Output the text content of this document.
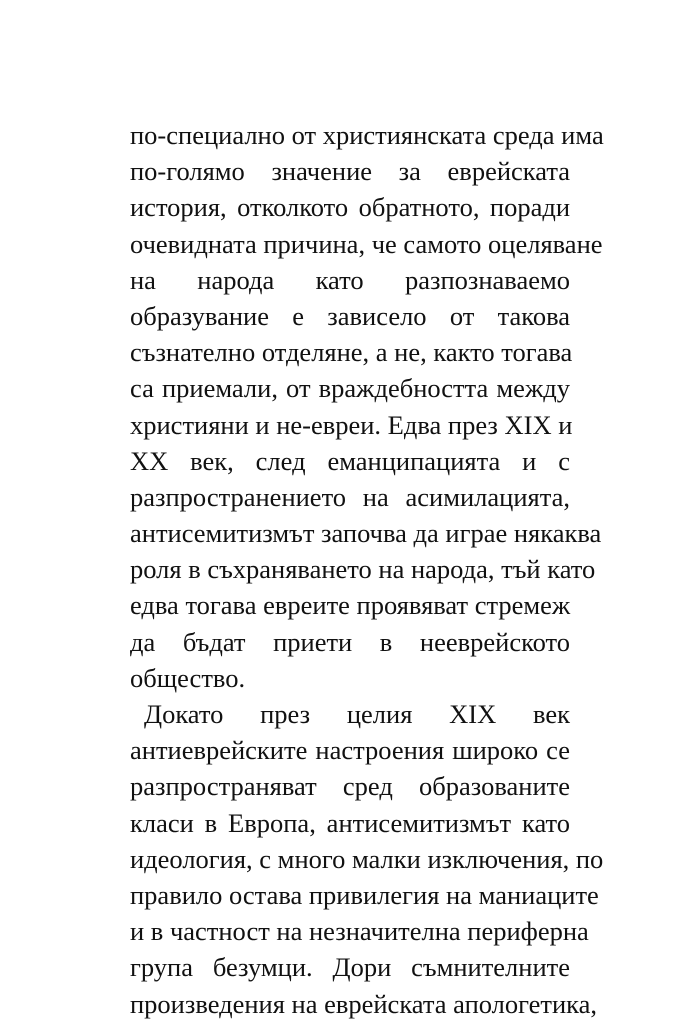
по-специално от християнската среда има
по-голямо значение за еврейската
история, отколкото обратното, поради
очевидната причина, че самото оцеляване
на народа като разпознаваемо
образувание е зависело от такова
съзнателно отделяне, а не, както тогава
са приемали, от враждебността между
християни и не-евреи. Едва през XIX и
XX век, след еманципацията и с
разпространението на асимилацията,
антисемитизмът започва да играе някаква
роля в съхраняването на народа, тъй като
едва тогава евреите проявяват стремеж
да бъдат приети в нееврейското
общество.
Докато през целия XIX век
антиеврейските настроения широко се
разпространяват сред образованите
класи в Европа, антисемитизмът като
идеология, с много малки изключения, по
правило остава привилегия на маниаците
и в частност на незначителна периферна
група безумци. Дори съмнителните
произведения на еврейската апологетика,
